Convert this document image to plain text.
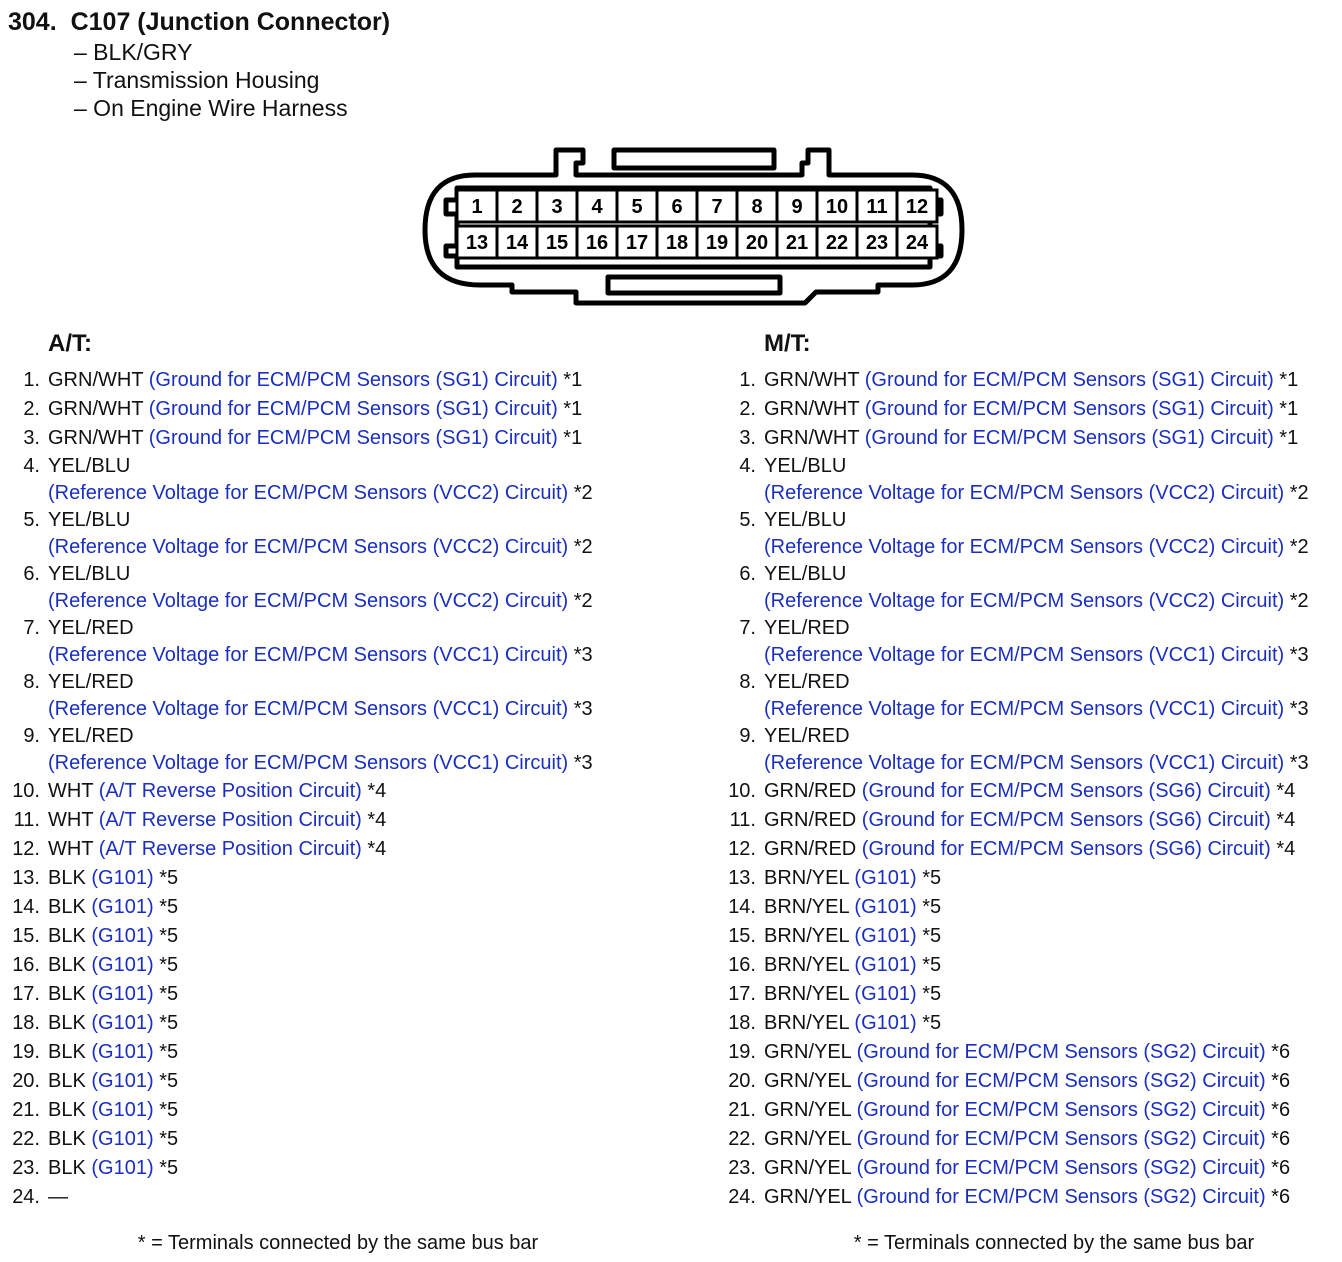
304. C107 (Junction Connector)
– BLK/GRY
– Transmission Housing
– On Engine Wire Harness
1 2 3 4 5 6 7 8 9 10 11 12
13 14 15 16 17 18 19 20 21 22 23 24
A/T:	M/T:
1. GRN/WHT (Ground for ECM/PCM Sensors (SG1) Circuit) *1
2. GRN/WHT (Ground for ECM/PCM Sensors (SG1) Circuit) *1
3. GRN/WHT (Ground for ECM/PCM Sensors (SG1) Circuit) *1
4. YEL/BLU
(Reference Voltage for ECM/PCM Sensors (VCC2) Circuit) *2
5. YEL/BLU
(Reference Voltage for ECM/PCM Sensors (VCC2) Circuit) *2
6. YEL/BLU
(Reference Voltage for ECM/PCM Sensors (VCC2) Circuit) *2
7. YEL/RED
(Reference Voltage for ECM/PCM Sensors (VCC1) Circuit) *3
8. YEL/RED
(Reference Voltage for ECM/PCM Sensors (VCC1) Circuit) *3
9. YEL/RED
(Reference Voltage for ECM/PCM Sensors (VCC1) Circuit) *3
10. WHT (A/T Reverse Position Circuit) *4
11. WHT (A/T Reverse Position Circuit) *4
12. WHT (A/T Reverse Position Circuit) *4
13. BLK (G101) *5
14. BLK (G101) *5
15. BLK (G101) *5
16. BLK (G101) *5
17. BLK (G101) *5
18. BLK (G101) *5
19. BLK (G101) *5
20. BLK (G101) *5
21. BLK (G101) *5
22. BLK (G101) *5
23. BLK (G101) *5
24. —
1. GRN/WHT (Ground for ECM/PCM Sensors (SG1) Circuit) *1
2. GRN/WHT (Ground for ECM/PCM Sensors (SG1) Circuit) *1
3. GRN/WHT (Ground for ECM/PCM Sensors (SG1) Circuit) *1
4. YEL/BLU
(Reference Voltage for ECM/PCM Sensors (VCC2) Circuit) *2
5. YEL/BLU
(Reference Voltage for ECM/PCM Sensors (VCC2) Circuit) *2
6. YEL/BLU
(Reference Voltage for ECM/PCM Sensors (VCC2) Circuit) *2
7. YEL/RED
(Reference Voltage for ECM/PCM Sensors (VCC1) Circuit) *3
8. YEL/RED
(Reference Voltage for ECM/PCM Sensors (VCC1) Circuit) *3
9. YEL/RED
(Reference Voltage for ECM/PCM Sensors (VCC1) Circuit) *3
10. GRN/RED (Ground for ECM/PCM Sensors (SG6) Circuit) *4
11. GRN/RED (Ground for ECM/PCM Sensors (SG6) Circuit) *4
12. GRN/RED (Ground for ECM/PCM Sensors (SG6) Circuit) *4
13. BRN/YEL (G101) *5
14. BRN/YEL (G101) *5
15. BRN/YEL (G101) *5
16. BRN/YEL (G101) *5
17. BRN/YEL (G101) *5
18. BRN/YEL (G101) *5
19. GRN/YEL (Ground for ECM/PCM Sensors (SG2) Circuit) *6
20. GRN/YEL (Ground for ECM/PCM Sensors (SG2) Circuit) *6
21. GRN/YEL (Ground for ECM/PCM Sensors (SG2) Circuit) *6
22. GRN/YEL (Ground for ECM/PCM Sensors (SG2) Circuit) *6
23. GRN/YEL (Ground for ECM/PCM Sensors (SG2) Circuit) *6
24. GRN/YEL (Ground for ECM/PCM Sensors (SG2) Circuit) *6
* = Terminals connected by the same bus bar	* = Terminals connected by the same bus bar
